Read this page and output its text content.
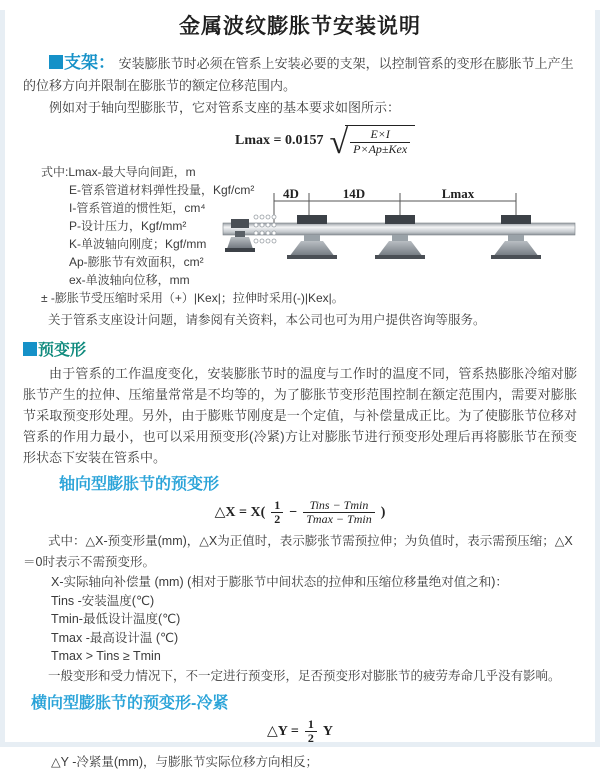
金属波纹膨胀节安装说明

支架： 安装膨胀节时必须在管系上安装必要的支架，以控制管系的变形在膨胀节上产生的位移方向并限制在膨胀节的额定位移范围内。

例如对于轴向型膨胀节，它对管系支座的基本要求如图所示：

Lmax = 0.0157 √ $\frac{E\times I}{\text{P×Ap±Kex}}$
式中:Lmax-最大导向间距，m
E-管系管道材料弹性投量，Kgf/cm²
I-管系管道的惯性矩，cm⁴
P-设计压力，Kgf/mm²
K-单波轴向刚度；Kgf/mm
Ap-膨胀节有效面积，cm²
ex-单波轴向位移，mm
± -膨胀节受压缩时采用（+）|Kex|；拉伸时采用(-)|Kex|。
4D	14D	Lmax

关于管系支座设计问题，请参阅有关资料，本公司也可为用户提供咨询等服务。

预变形

由于管系的工作温度变化，安装膨胀节时的温度与工作时的温度不同，管系热膨胀冷缩对膨胀节产生的拉伸、压缩量常常是不均等的，为了膨胀节变形范围控制在额定范围内，需要对膨胀节采取预变形处理。另外，由于膨账节刚度是一个定值，与补偿量成正比。为了使膨胀节位移对管系的作用力最小，也可以采用预变形(冷紧)方让对膨胀节进行预变形处理后再将膨胀节在预变形状态下安装在管系中。

轴向型膨胀节的预变形
△X = $X( \frac{1}{2} - \frac{\text{Tins − Tmin}}{Tmax - Tmin}$ )

式中：△X-预变形量(mm)，△X为正值时，表示膨张节需预拉伸；为负值时，表示需预压缩；△X＝0时表示不需预变形。

X-实际轴向补偿量 (mm) (相对于膨胀节中间状态的拉伸和压缩位移量绝对值之和)：
Tins -安装温度(℃)
Tmin-最低设计温度(℃)
Tmax -最高设计温 (℃)
Tmax > Tins ≥ Tmin

一般变形和受力情况下，不一定进行预变形，足否预变形对膨胀节的疲劳寿命几乎没有影响。

横向型膨胀节的预变形-冷紧
△Y = $\frac{1}{2}$ Y

△Y -冷紧量(mm)，与膨胀节实际位移方向相反；
